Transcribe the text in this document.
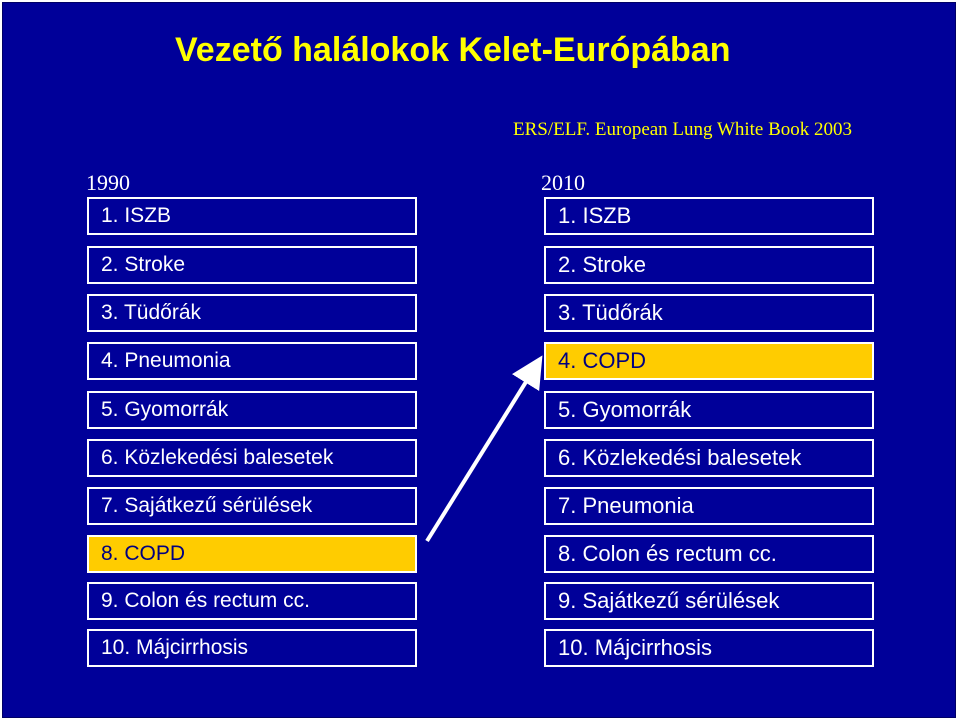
Vezető halálokok Kelet-Európában
ERS/ELF. European Lung White Book 2003
1990	2010
1. ISZB
2. Stroke
3. Tüdőrák
4. Pneumonia
5. Gyomorrák
6. Közlekedési balesetek
7. Sajátkezű sérülések
8. COPD
9. Colon és rectum cc.
10. Májcirrhosis
1. ISZB
2. Stroke
3. Tüdőrák
4. COPD
5. Gyomorrák
6. Közlekedési balesetek
7. Pneumonia
8. Colon és rectum cc.
9. Sajátkezű sérülések
10. Májcirrhosis
